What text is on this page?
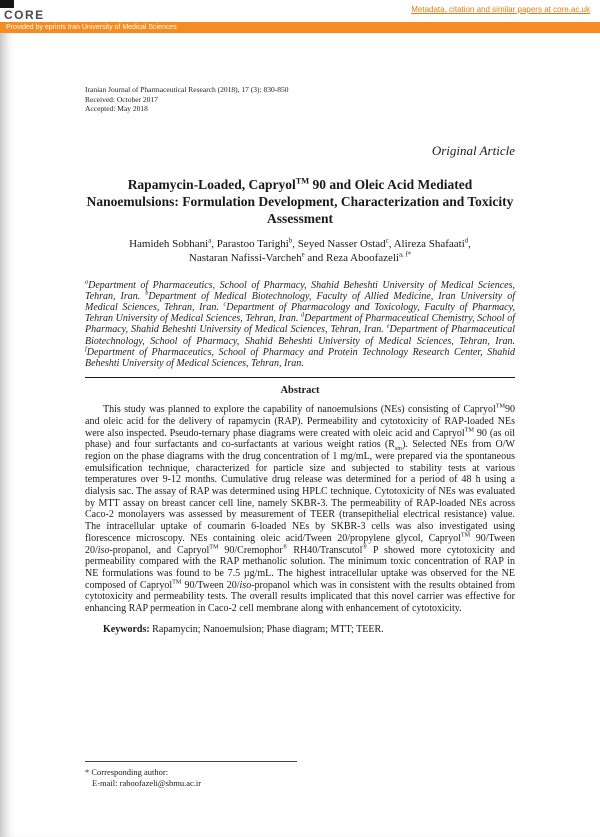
CORE	Metadata, citation and similar papers at core.ac.uk
Provided by eprints Iran University of Medical Sciences
Iranian Journal of Pharmaceutical Research (2018), 17 (3): 830-850
Received: October 2017
Accepted: May 2018
Original Article
Rapamycin-Loaded, Capryol™ 90 and Oleic Acid Mediated
Nanoemulsions: Formulation Development, Characterization and Toxicity
Assessment
Hamideh Sobhani$^a$, Parastoo Tarighi$^b$, Seyed Nasser Ostad$^c$, Alireza Shafaati$^d$,
Nastaran Nafissi-Varcheh$^e$ and Reza Aboofazeli$^{a, f*}$

$^a$Department of Pharmaceutics, School of Pharmacy, Shahid Beheshti University of Medical Sciences, Tehran, Iran. $^b$Department of Medical Biotechnology, Faculty of Allied Medicine, Iran University of Medical Sciences, Tehran, Iran. $^c$Department of Pharmacology and Toxicology, Faculty of Pharmacy, Tehran University of Medical Sciences, Tehran, Iran. $^d$Department of Pharmaceutical Chemistry, School of Pharmacy, Shahid Beheshti University of Medical Sciences, Tehran, Iran. $^e$Department of Pharmaceutical Biotechnology, School of Pharmacy, Shahid Beheshti University of Medical Sciences, Tehran, Iran. $^f$Department of Pharmaceutics, School of Pharmacy and Protein Technology Research Center, Shahid Beheshti University of Medical Sciences, Tehran, Iran.

Abstract

This study was planned to explore the capability of nanoemulsions (NEs) consisting of Capryol™90 and oleic acid for the delivery of rapamycin (RAP). Permeability and cytotoxicity of RAP-loaded NEs were also inspected. Pseudo-ternary phase diagrams were created with oleic acid and Capryol™ 90 (as oil phase) and four surfactants and co-surfactants at various weight ratios $(R_{sm})$. Selected NEs from O/W region on the phase diagrams with the drug concentration of 1 mg/mL, were prepared via the spontaneous emulsification technique, characterized for particle size and subjected to stability tests at various temperatures over 9-12 months. Cumulative drug release was determined for a period of 48 h using a dialysis sac. The assay of RAP was determined using HPLC technique. Cytotoxicity of NEs was evaluated by MTT assay on breast cancer cell line, namely SKBR-3. The permeability of RAP-loaded NEs across Caco-2 monolayers was assessed by measurement of TEER (transepithelial electrical resistance) value. The intracellular uptake of coumarin 6-loaded NEs by SKBR-3 cells was also investigated using florescence microscopy. NEs containing oleic acid/Tween 20/propylene glycol, Capryol™ 90/Tween 20/iso-propanol, and Capryol™ 90/Cremophor® RH40/Transcutol® P showed more cytotoxicity and permeability compared with the RAP methanolic solution. The minimum toxic concentration of RAP in NE formulations was found to be 7.5 µg/mL. The highest intracellular uptake was observed for the NE composed of Capryol™ 90/Tween 20/iso-propanol which was in consistent with the results obtained from cytotoxicity and permeability tests. The overall results implicated that this novel carrier was effective for enhancing RAP permeation in Caco-2 cell membrane along with enhancement of cytotoxicity.

Keywords: Rapamycin; Nanoemulsion; Phase diagram; MTT; TEER.

* Corresponding author:
E-mail: raboofazeli@sbmu.ac.ir
